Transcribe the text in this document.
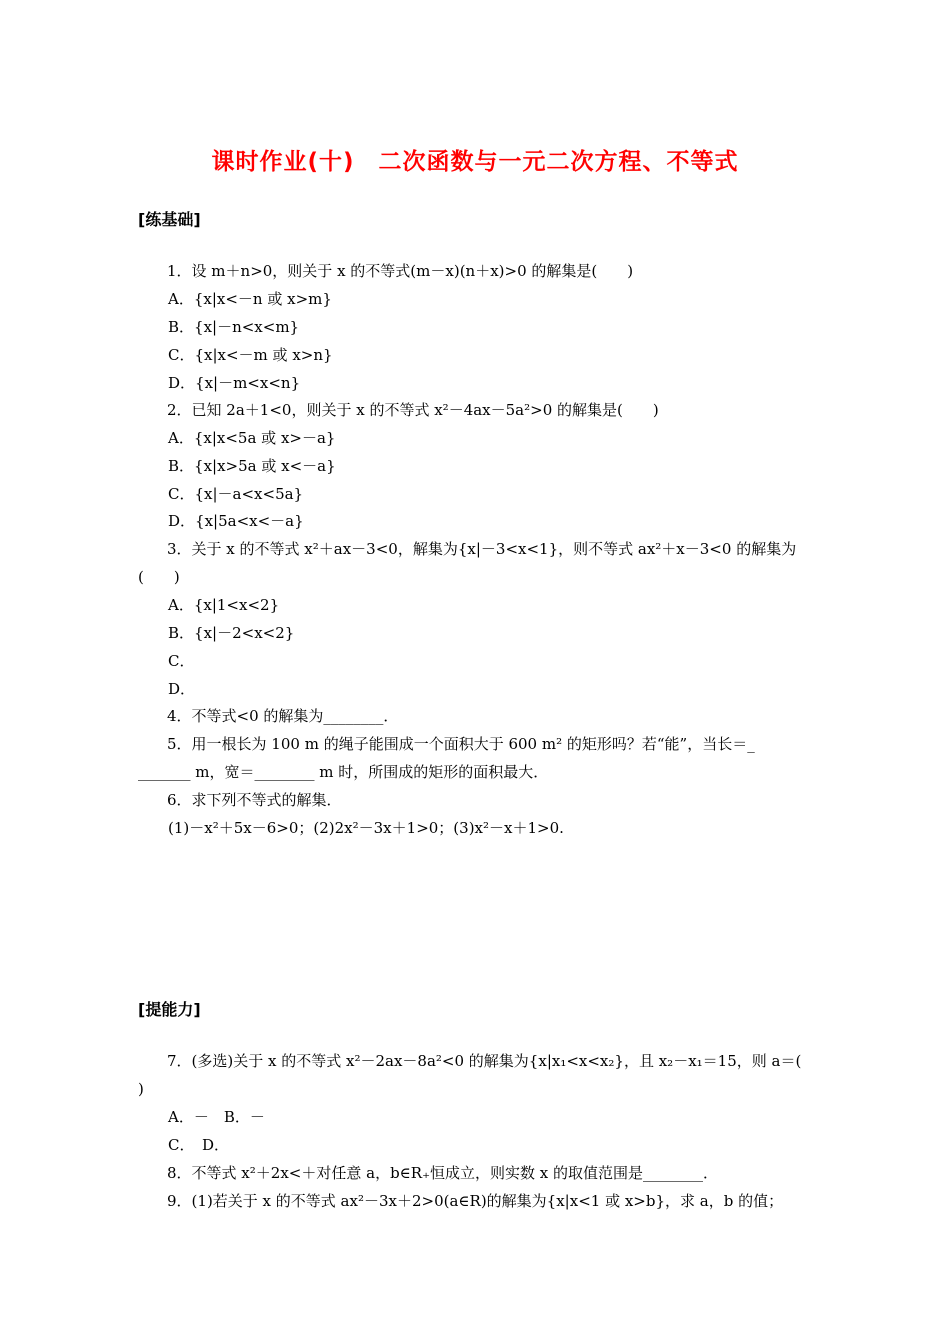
课时作业(十)　二次函数与一元二次方程、不等式
[练基础]
1．设 m＋n>0，则关于 x 的不等式(m－x)(n＋x)>0 的解集是(　　)
A．{x|x<－n 或 x>m}
B．{x|－n<x<m}
C．{x|x<－m 或 x>n}
D．{x|－m<x<n}
2．已知 2a＋1<0，则关于 x 的不等式 x²－4ax－5a²>0 的解集是(　　)
A．{x|x<5a 或 x>－a}
B．{x|x>5a 或 x<－a}
C．{x|－a<x<5a}
D．{x|5a<x<－a}
3．关于 x 的不等式 x²＋ax－3<0，解集为{x|－3<x<1}，则不等式 ax²＋x－3<0 的解集为
(　　)
A．{x|1<x<2}
B．{x|－2<x<2}
C．
D．
4．不等式<0 的解集为________．
5．用一根长为 100 m 的绳子能围成一个面积大于 600 m² 的矩形吗？若“能”，当长＝_
_______ m，宽＝________ m 时，所围成的矩形的面积最大．
6．求下列不等式的解集．
(1)－x²＋5x－6>0；(2)2x²－3x＋1>0；(3)x²－x＋1>0.
[提能力]
7．(多选)关于 x 的不等式 x²－2ax－8a²<0 的解集为{x|x₁<x<x₂}，且 x₂－x₁＝15，则 a＝(
)
A．－　B．－
C．　D．
8．不等式 x²＋2x<＋对任意 a，b∈R₊恒成立，则实数 x 的取值范围是________．
9．(1)若关于 x 的不等式 ax²－3x＋2>0(a∈R)的解集为{x|x<1 或 x>b}，求 a，b 的值；
